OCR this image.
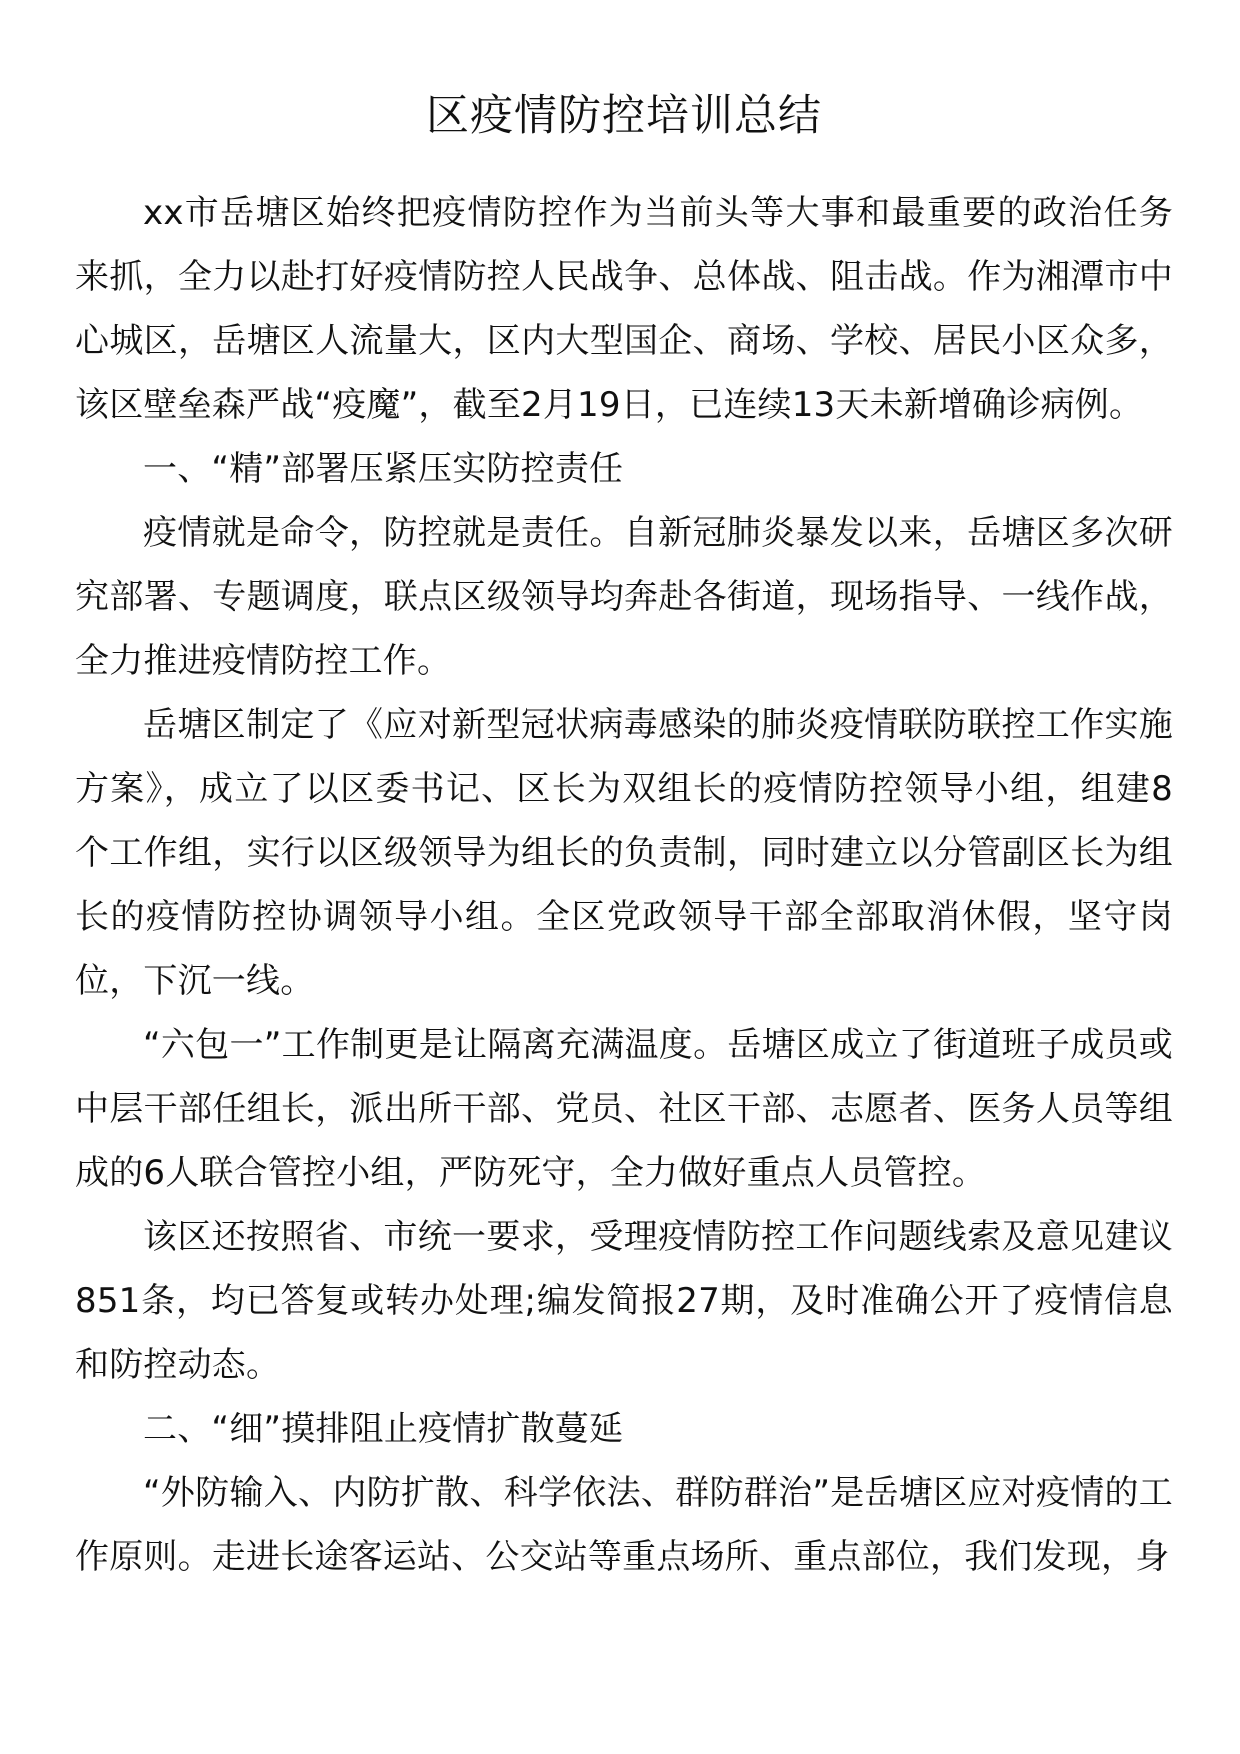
区疫情防控培训总结

xx市岳塘区始终把疫情防控作为当前头等大事和最重要的政治任务来抓，全力以赴打好疫情防控人民战争、总体战、阻击战。作为湘潭市中心城区，岳塘区人流量大，区内大型国企、商场、学校、居民小区众多，该区壁垒森严战“疫魔”，截至2月19日，已连续13天未新增确诊病例。

一、“精”部署压紧压实防控责任

疫情就是命令，防控就是责任。自新冠肺炎暴发以来，岳塘区多次研究部署、专题调度，联点区级领导均奔赴各街道，现场指导、一线作战，全力推进疫情防控工作。

岳塘区制定了《应对新型冠状病毒感染的肺炎疫情联防联控工作实施方案》，成立了以区委书记、区长为双组长的疫情防控领导小组，组建8个工作组，实行以区级领导为组长的负责制，同时建立以分管副区长为组长的疫情防控协调领导小组。全区党政领导干部全部取消休假，坚守岗位，下沉一线。

“六包一”工作制更是让隔离充满温度。岳塘区成立了街道班子成员或中层干部任组长，派出所干部、党员、社区干部、志愿者、医务人员等组成的6人联合管控小组，严防死守，全力做好重点人员管控。

该区还按照省、市统一要求，受理疫情防控工作问题线索及意见建议851条，均已答复或转办处理;编发简报27期，及时准确公开了疫情信息和防控动态。

二、“细”摸排阻止疫情扩散蔓延

“外防输入、内防扩散、科学依法、群防群治”是岳塘区应对疫情的工作原则。走进长途客运站、公交站等重点场所、重点部位，我们发现，身
